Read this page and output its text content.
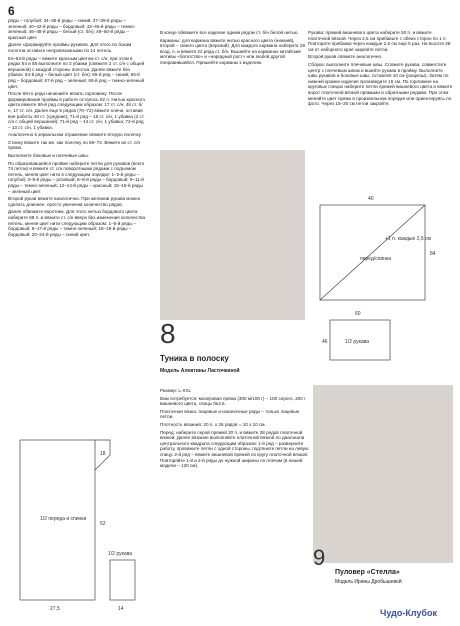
6

ряды – голубой; 34–36-й ряды – синий; 37–39-й ряды – зеленый; 40–42-й ряды – бордовый; 43–45-й ряды – темно-зеленый; 46–48-й ряды – белый (ст. б/н); 49–50-й ряды – красный цвет.

Далее сформируйте проймы рукавов. Для этого по бокам полотна оставьте непровязанными по 14 петель.

54–63-й ряды – вяжите красным цветом ст. с/н; при этом в рядах 54 и 55 выполните по 2 убавки (свяжите 2 ст. с/н с общей вершиной) с каждой стороны полотна. Далее вяжите без убавок; 64-й ряд – белый цвет (ст. б/н); 65-й ряд – синий; 66-й ряд – бордовый; 67-й ряд – зеленый; 68-й ряд – темно-зеленый цвет.

После 68-го ряда начинайте вязать горловину. После формирования проймы в работе осталось 82 п. Нитью красного цвета вяжите 69-й ряд следующим образом: 17 ст. с/н, 48 ст. б/н, 17 ст. с/н. Далее еще 5 рядов (70–72) вяжите плечи, оставив вне работы 48 ст. (средние); 71-й ряд – 15 ст. с/н, 1 убавка (2 ст. с/н с общей вершиной); 71-й ряд – 14 ст. с/н, 1 убавка; 72-й ряд – 13 ст. с/н, 1 убавка.

Аналогично в зеркальном отражении свяжите вторую полочку.

Стинку вяжите так же, как полочку по 69–72. Вяжите их ст. с/н прямо.

Выполните боковые и плечевые швы.

По образовавшейся пройме наберите петли для рукавов (всего 74 петли) и вяжите ст. с/н поворотными рядами с подъемом петель, меняя цвет нити в следующем порядке: 1–2-й ряды – голубой; 3–5-й ряды – розовый; 6–8-й ряды – бордовый; 9–11-й ряды – темно-зеленый; 12–14-й ряды – красный; 15–18-й ряды – зеленый цвет.

Второй рукав вяжите аналогично. При желании рукава можно сделать длиннее, просто увеличив количество рядов.

Далее обвяжите воротник. Для этого нитью бордового цвета наберите 68 п. и вяжите ст. с/н вверх без изменения количества петель, меняя цвет нити следующим образом: 1–5-й ряды – бордовый; 6–17-й ряды – темно-зеленый; 18–19-й ряды – бордовый; 20–24-й ряды – синий цвет.

В конце обвяжите все изделие одним рядом ст. б/н белой нитью.

Карманы: для кармана вяжите нитью красного цвета (нижний), второй – синего цвета (верхний). Для каждого кармана наберите 28 возд. п. и вяжите 22 ряда ст. б/н. Вышейте на карманах китайские мотивы «богатство» и «нарядный рост» или любой другой понравившийся. Пришейте карманы к изделию.

Рукава: пряжей вишневого цвета наберите 50 п. и вяжите платочной вязкой. Через 2,5 см прибавьте с обеих сторон по 1 п. Повторите прибавки через каждые 2,5 см еще 5 раз. На высоте 28 см от наборного края закройте петли.

Второй рукав свяжите аналогично.

Сборка: выполните плечевые швы. Сложите рукава, совместите центр с плечевым швом и вшейте рукава в пройму. Выполните швы рукавов и боковые швы, оставляя 10 см (разрезы). Затем по нижней кромке изделия произведите 15 см. По горловине на круговых спицах наберите петли пряжей вишневого цвета и вяжите ворот платочной вязкой прямыми и обратными рядами. При этом меняйте цвет пряжи в произвольном порядке или ориентируясь по фото. Через 15–20 см петли закройте.

8
Туника в полоску
Модель Алевтины Ласточкиной

Размер: L-XXL

Вам потребуется: мохеровая пряжа (300 м/100 г) – 100 серого, 200 г вишневого цвета, спицы №4,5.

Платочная вязка: лицевые и изнаночные ряды – только лицевые петли.

Плотность вязания: 20 п. х 26 рядов = 10 х 10 см.

Перед: наберите серой пряжей 20 п. и вяжите 28 рядов платочной вязкой. Далее вязание выполняйте платочной вязкой по диагонали центрального квадрата следующим образом: 1-й ряд – разверните работу, провяжите петли с одной стороны, подтяните петли на левую спицу. 2-й ряд – вяжите вишневой пряжей по кругу платочной вязкой. Повторяйте 1-й и 2-й ряды до нужной ширины по плечам (в нашей модели – 120 см).

9
Пуловер «Стелла»
Модель Ирины Дробышевой
Чудо-Клубок
18
52
27,5	14
1/2 переда и спинки
1/2 рукава
40
84
60
46	1/2 рукава
перед/спинка
+1 п. каждые 2,5 см
